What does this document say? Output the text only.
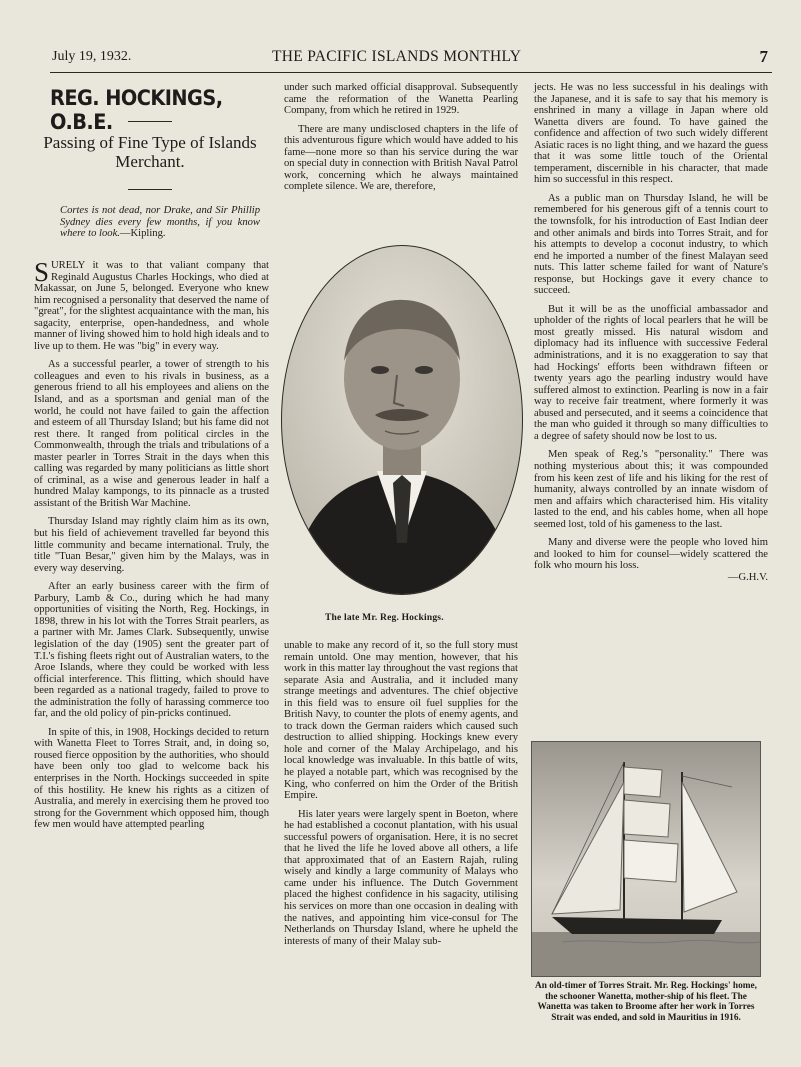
July 19, 1932.	THE PACIFIC ISLANDS MONTHLY	7
REG. HOCKINGS, O.B.E.
Passing of Fine Type of Islands Merchant.
Cortes is not dead, nor Drake, and Sir Phillip Sydney dies every few months, if you know where to look.—Kipling.

SURELY it was to that valiant company that Reginald Augustus Charles Hockings, who died at Makassar, on June 5, belonged. Everyone who knew him recognised a personality that deserved the name of "great", for the slightest acquaintance with the man, his sagacity, enterprise, open-handedness, and whole manner of living showed him to hold high ideals and to live up to them. He was "big" in every way.

As a successful pearler, a tower of strength to his colleagues and even to his rivals in business, as a generous friend to all his employees and aliens on the Island, and as a sportsman and genial man of the world, he could not have failed to gain the affection and esteem of all Thursday Island; but his fame did not rest there. It ranged from political circles in the Commonwealth, through the trials and tribulations of a master pearler in Torres Strait in the days when this calling was regarded by many politicians as little short of criminal, as a wise and generous leader in half a hundred Malay kampongs, to its pinnacle as a trusted assistant of the British War Machine.

Thursday Island may rightly claim him as its own, but his field of achievement travelled far beyond this little community and became international. Truly, the title "Tuan Besar," given him by the Malays, was in every way deserving.

After an early business career with the firm of Parbury, Lamb & Co., during which he had many opportunities of visiting the North, Reg. Hockings, in 1898, threw in his lot with the Torres Strait pearlers, as a partner with Mr. James Clark. Subsequently, unwise legislation of the day (1905) sent the greater part of T.I.'s fishing fleets right out of Australian waters, to the Aroe Islands, where they could be worked with less official interference. This flitting, which should have been regarded as a national tragedy, failed to prove to the administration the folly of harassing commerce too far, and the old policy of pin-pricks continued.

In spite of this, in 1908, Hockings decided to return with Wanetta Fleet to Torres Strait, and, in doing so, roused fierce opposition by the authorities, who should have been only too glad to welcome back his enterprises in the North. Hockings succeeded in spite of this hostility. He knew his rights as a citizen of Australia, and merely in exercising them he proved too strong for the Government which opposed him, though few men would have attempted pearling

under such marked official disapproval. Subsequently came the reformation of the Wanetta Pearling Company, from which he retired in 1929.

There are many undisclosed chapters in the life of this adventurous figure which would have added to his fame—none more so than his service during the war on special duty in connection with British Naval Patrol work, concerning which he always maintained complete silence. We are, therefore,

The late Mr. Reg. Hockings.

unable to make any record of it, so the full story must remain untold. One may mention, however, that his work in this matter lay throughout the vast regions that separate Asia and Australia, and it included many strange meetings and adventures. The chief objective in this field was to ensure oil fuel supplies for the British Navy, to counter the plots of enemy agents, and to track down the German raiders which caused such destruction to allied shipping. Hockings knew every hole and corner of the Malay Archipelago, and his local knowledge was invaluable. In this battle of wits, he played a notable part, which was recognised by the King, who conferred on him the Order of the British Empire.

His later years were largely spent in Boeton, where he had established a coconut plantation, with his usual successful powers of organisation. Here, it is no secret that he lived the life he loved above all others, a life that approximated that of an Eastern Rajah, ruling wisely and kindly a large community of Malays who came under his influence. The Dutch Government placed the highest confidence in his sagacity, utilising his services on more than one occasion in dealing with the natives, and appointing him vice-consul for The Netherlands on Thursday Island, where he upheld the interests of many of their Malay sub-

jects. He was no less successful in his dealings with the Japanese, and it is safe to say that his memory is enshrined in many a village in Japan where old Wanetta divers are found. To have gained the confidence and affection of two such widely different Asiatic races is no light thing, and we hazard the guess that it was some little touch of the Oriental temperament, discernible in his character, that made him so successful in this respect.

As a public man on Thursday Island, he will be remembered for his generous gift of a tennis court to the townsfolk, for his introduction of East Indian deer and other animals and birds into Torres Strait, and for his attempts to develop a coconut industry, to which end he imported a number of the finest Malayan seed nuts. This latter scheme failed for want of Nature's response, but Hockings gave it every chance to succeed.

But it will be as the unofficial ambassador and upholder of the rights of local pearlers that he will be most greatly missed. His natural wisdom and diplomacy had its influence with successive Federal administrations, and it is no exaggeration to say that had Hockings' efforts been withdrawn fifteen or twenty years ago the pearling industry would have suffered almost to extinction. Pearling is now in a fair way to receive fair treatment, where formerly it was abused and persecuted, and it seems a coincidence that the man who guided it through so many difficulties to a degree of safety should now be lost to us.

Men speak of Reg.'s "personality." There was nothing mysterious about this; it was compounded from his keen zest of life and his liking for the rest of humanity, always controlled by an innate wisdom of men and affairs which characterised him. His vitality lasted to the end, and his cables home, when all hope seemed lost, told of his gameness to the last.

Many and diverse were the people who loved him and looked to him for counsel—widely scattered the folk who mourn his loss.

—G.H.V.

An old-timer of Torres Strait. Mr. Reg. Hockings' home, the schooner Wanetta, mother-ship of his fleet. The Wanetta was taken to Broome after her work in Torres Strait was ended, and sold in Mauritius in 1916.
